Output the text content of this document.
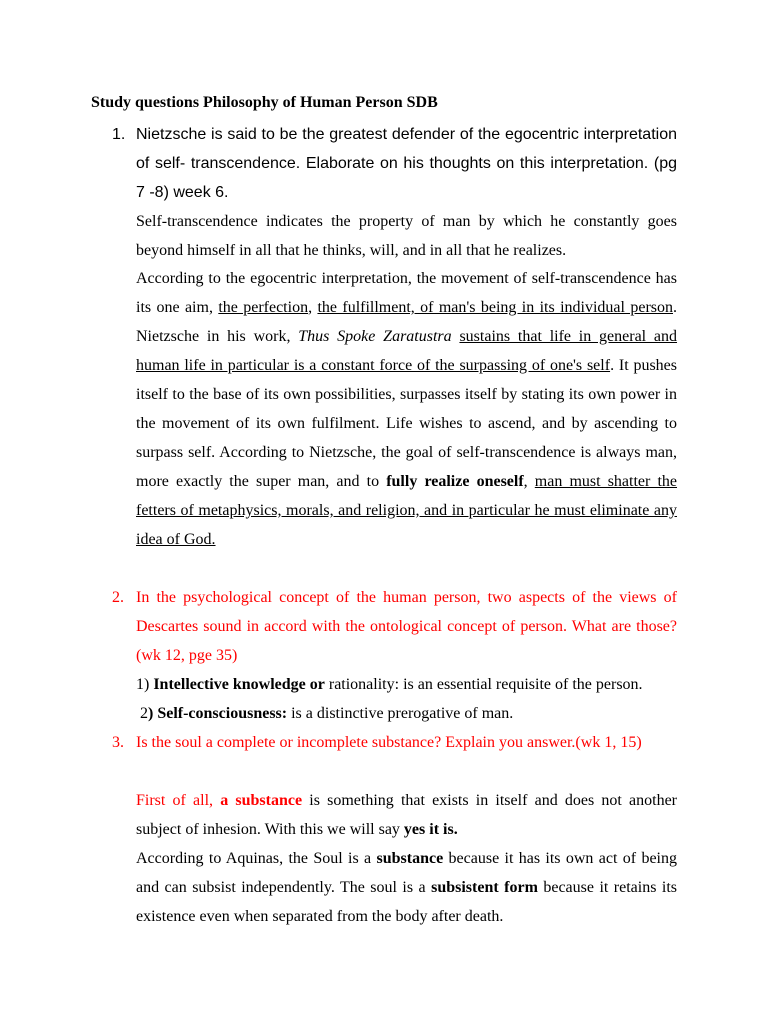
Study questions Philosophy of Human Person SDB
1. Nietzsche is said to be the greatest defender of the egocentric interpretation of self- transcendence. Elaborate on his thoughts on this interpretation. (pg 7 -8) week 6.
Self-transcendence indicates the property of man by which he constantly goes beyond himself in all that he thinks, will, and in all that he realizes.
According to the egocentric interpretation, the movement of self-transcendence has its one aim, the perfection, the fulfillment, of man's being in its individual person. Nietzsche in his work, Thus Spoke Zaratustra sustains that life in general and human life in particular is a constant force of the surpassing of one's self. It pushes itself to the base of its own possibilities, surpasses itself by stating its own power in the movement of its own fulfilment. Life wishes to ascend, and by ascending to surpass self. According to Nietzsche, the goal of self-transcendence is always man, more exactly the super man, and to fully realize oneself, man must shatter the fetters of metaphysics, morals, and religion, and in particular he must eliminate any idea of God.
2. In the psychological concept of the human person, two aspects of the views of Descartes sound in accord with the ontological concept of person. What are those? (wk 12, pge 35)
1) Intellective knowledge or rationality: is an essential requisite of the person.
2) Self-consciousness: is a distinctive prerogative of man.
3. Is the soul a complete or incomplete substance? Explain you answer.(wk 1, 15)
First of all, a substance is something that exists in itself and does not another subject of inhesion. With this we will say yes it is.
According to Aquinas, the Soul is a substance because it has its own act of being and can subsist independently. The soul is a subsistent form because it retains its existence even when separated from the body after death.
